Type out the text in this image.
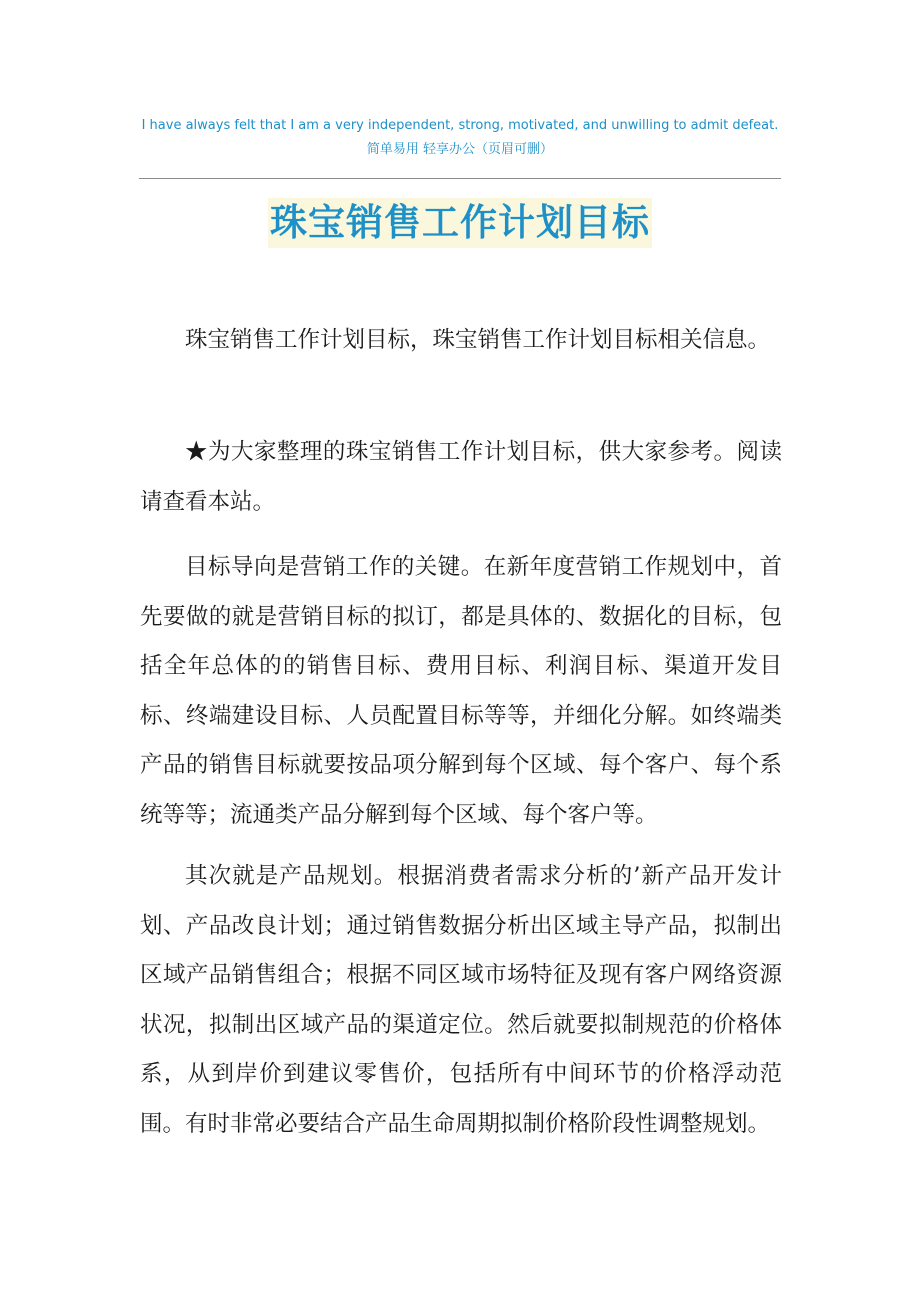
I have always felt that I am a very independent, strong, motivated, and unwilling to admit defeat.简单易用 轻享办公（页眉可删）
珠宝销售工作计划目标

珠宝销售工作计划目标，珠宝销售工作计划目标相关信息。

★为大家整理的珠宝销售工作计划目标，供大家参考。阅读请查看本站。

目标导向是营销工作的关键。在新年度营销工作规划中，首先要做的就是营销目标的拟订，都是具体的、数据化的目标，包括全年总体的的销售目标、费用目标、利润目标、渠道开发目标、终端建设目标、人员配置目标等等，并细化分解。如终端类产品的销售目标就要按品项分解到每个区域、每个客户、每个系统等等；流通类产品分解到每个区域、每个客户等。

其次就是产品规划。根据消费者需求分析的’新产品开发计划、产品改良计划；通过销售数据分析出区域主导产品，拟制出区域产品销售组合；根据不同区域市场特征及现有客户网络资源状况，拟制出区域产品的渠道定位。然后就要拟制规范的价格体系，从到岸价到建议零售价，包括所有中间环节的价格浮动范围。有时非常必要结合产品生命周期拟制价格阶段性调整规划。
